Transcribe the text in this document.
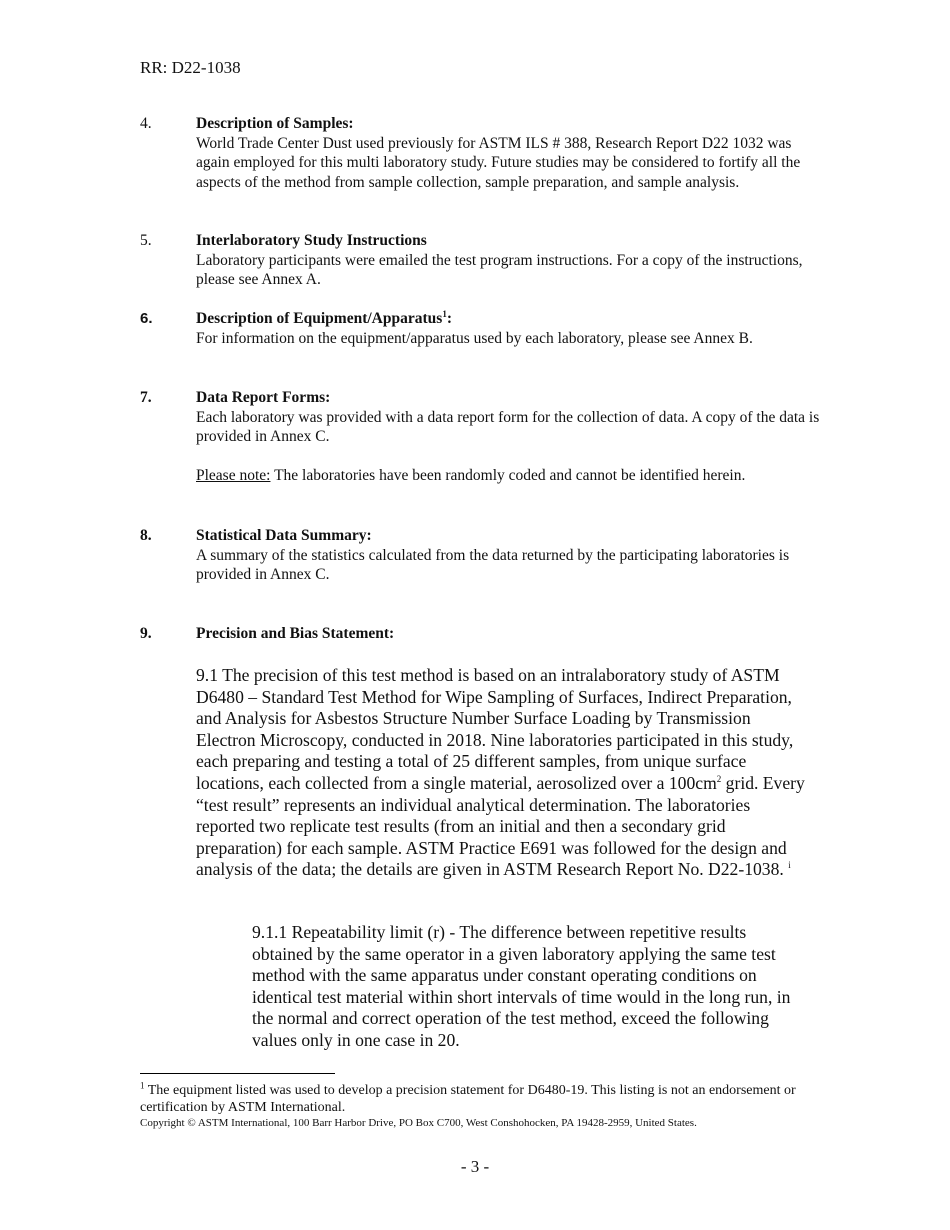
RR: D22-1038
4.	Description of Samples:
World Trade Center Dust used previously for ASTM ILS # 388, Research Report D22 1032 was again employed for this multi laboratory study. Future studies may be considered to fortify all the aspects of the method from sample collection, sample preparation, and sample analysis.
5.	Interlaboratory Study Instructions
Laboratory participants were emailed the test program instructions. For a copy of the instructions, please see Annex A.
6.	Description of Equipment/Apparatus$^1$:
For information on the equipment/apparatus used by each laboratory, please see Annex B.
7.	Data Report Forms:
Each laboratory was provided with a data report form for the collection of data. A copy of the data is provided in Annex C.
Please note: The laboratories have been randomly coded and cannot be identified herein.
8.	Statistical Data Summary:
A summary of the statistics calculated from the data returned by the participating laboratories is provided in Annex C.
9.	Precision and Bias Statement:
9.1 The precision of this test method is based on an intralaboratory study of ASTM D6480 – Standard Test Method for Wipe Sampling of Surfaces, Indirect Preparation, and Analysis for Asbestos Structure Number Surface Loading by Transmission Electron Microscopy, conducted in 2018. Nine laboratories participated in this study, each preparing and testing a total of 25 different samples, from unique surface locations, each collected from a single material, aerosolized over a $100cm^2$ grid. Every “test result” represents an individual analytical determination. The laboratories reported two replicate test results (from an initial and then a secondary grid preparation) for each sample. ASTM Practice E691 was followed for the design and analysis of the data; the details are given in ASTM Research Report No. D22-1038. $^i$
9.1.1 Repeatability limit (r) - The difference between repetitive results obtained by the same operator in a given laboratory applying the same test method with the same apparatus under constant operating conditions on identical test material within short intervals of time would in the long run, in the normal and correct operation of the test method, exceed the following values only in one case in 20.
$^1$ The equipment listed was used to develop a precision statement for D6480-19. This listing is not an endorsement or certification by ASTM International.
Copyright © ASTM International, 100 Barr Harbor Drive, PO Box C700, West Conshohocken, PA 19428-2959, United States.
- 3 -
